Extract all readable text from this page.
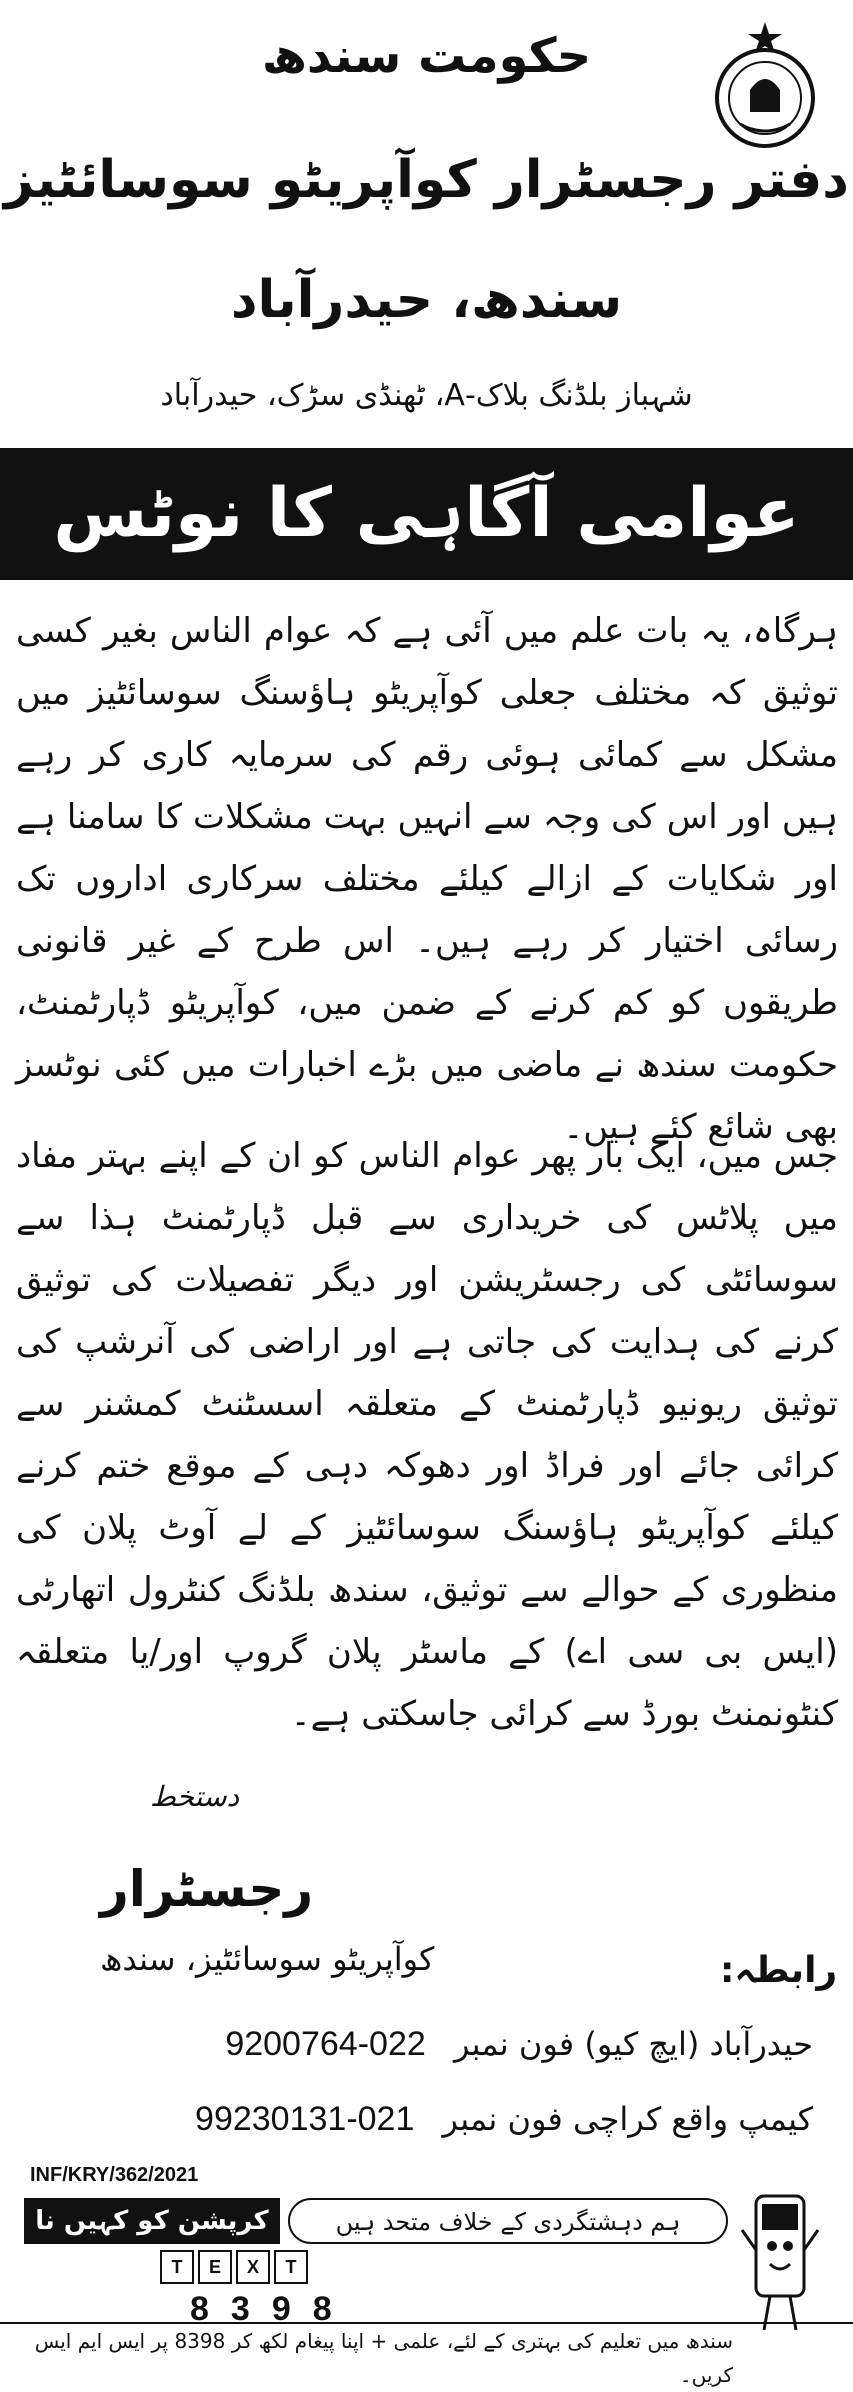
حکومت سندھ
دفتر رجسٹرار کوآپریٹو سوسائٹیز
سندھ، حیدرآباد
شہباز بلڈنگ بلاک-A، ٹھنڈی سڑک، حیدرآباد
عوامی آگاہی کا نوٹس
ہرگاہ، یہ بات علم میں آئی ہے کہ عوام الناس بغیر کسی توثیق کہ مختلف جعلی کوآپریٹو ہاؤسنگ سوسائٹیز میں مشکل سے کمائی ہوئی رقم کی سرمایہ کاری کر رہے ہیں اور اس کی وجہ سے انہیں بہت مشکلات کا سامنا ہے اور شکایات کے ازالے کیلئے مختلف سرکاری اداروں تک رسائی اختیار کر رہے ہیں۔ اس طرح کے غیر قانونی طریقوں کو کم کرنے کے ضمن میں، کوآپریٹو ڈپارٹمنٹ، حکومت سندھ نے ماضی میں بڑے اخبارات میں کئی نوٹسز بھی شائع کئے ہیں۔
جس میں، ایک بار پھر عوام الناس کو ان کے اپنے بہتر مفاد میں پلاٹس کی خریداری سے قبل ڈپارٹمنٹ ہذا سے سوسائٹی کی رجسٹریشن اور دیگر تفصیلات کی توثیق کرنے کی ہدایت کی جاتی ہے اور اراضی کی آنرشپ کی توثیق ریونیو ڈپارٹمنٹ کے متعلقہ اسسٹنٹ کمشنر سے کرائی جائے اور فراڈ اور دھوکہ دہی کے موقع ختم کرنے کیلئے کوآپریٹو ہاؤسنگ سوسائٹیز کے لے آوٹ پلان کی منظوری کے حوالے سے توثیق، سندھ بلڈنگ کنٹرول اتھارٹی (ایس بی سی اے) کے ماسٹر پلان گروپ اور/یا متعلقہ کنٹونمنٹ بورڈ سے کرائی جاسکتی ہے۔
دستخط
رجسٹرار
کوآپریٹو سوسائٹیز، سندھ	رابطہ:
حیدرآباد (ایچ کیو) فون نمبر 022-9200764
کیمپ واقع کراچی فون نمبر 021-99230131
INF/KRY/362/2021
کرپشن کو کہیں نا	ہم دہشتگردی کے خلاف متحد ہیں
T E X T
8398
سندھ میں تعلیم کی بہتری کے لئے، علمی + اپنا پیغام لکھ کر 8398 پر ایس ایم ایس کریں۔
